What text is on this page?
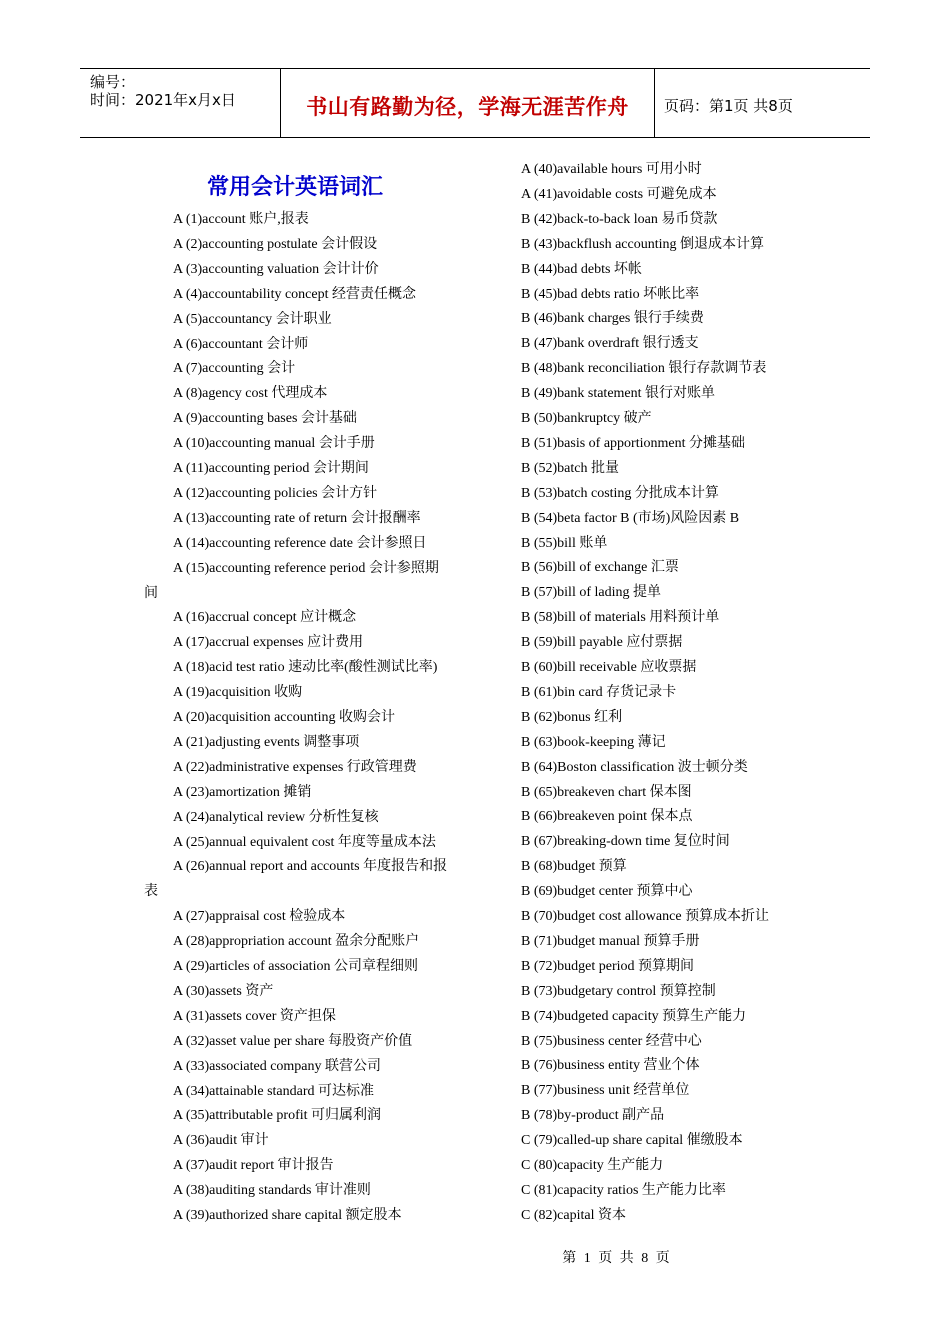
编号：
时间：2021年x月x日	书山有路勤为径，学海无涯苦作舟	页码：第1页 共8页
常用会计英语词汇
A (1)account 账户,报表
A (2)accounting postulate 会计假设
A (3)accounting valuation 会计计价
A (4)accountability concept 经营责任概念
A (5)accountancy 会计职业
A (6)accountant 会计师
A (7)accounting 会计
A (8)agency cost 代理成本
A (9)accounting bases 会计基础
A (10)accounting manual 会计手册
A (11)accounting period 会计期间
A (12)accounting policies 会计方针
A (13)accounting rate of return 会计报酬率
A (14)accounting reference date 会计参照日
A (15)accounting reference period 会计参照期
间
A (16)accrual concept 应计概念
A (17)accrual expenses 应计费用
A (18)acid test ratio 速动比率(酸性测试比率)
A (19)acquisition 收购
A (20)acquisition accounting 收购会计
A (21)adjusting events 调整事项
A (22)administrative expenses 行政管理费
A (23)amortization 摊销
A (24)analytical review 分析性复核
A (25)annual equivalent cost 年度等量成本法
A (26)annual report and accounts 年度报告和报
表
A (27)appraisal cost 检验成本
A (28)appropriation account 盈余分配账户
A (29)articles of association 公司章程细则
A (30)assets 资产
A (31)assets cover 资产担保
A (32)asset value per share 每股资产价值
A (33)associated company 联营公司
A (34)attainable standard 可达标准
A (35)attributable profit 可归属利润
A (36)audit 审计
A (37)audit report 审计报告
A (38)auditing standards 审计准则
A (39)authorized share capital 额定股本
A (40)available hours 可用小时
A (41)avoidable costs 可避免成本
B (42)back-to-back loan 易币贷款
B (43)backflush accounting 倒退成本计算
B (44)bad debts 坏帐
B (45)bad debts ratio 坏帐比率
B (46)bank charges 银行手续费
B (47)bank overdraft 银行透支
B (48)bank reconciliation 银行存款调节表
B (49)bank statement 银行对账单
B (50)bankruptcy 破产
B (51)basis of apportionment 分摊基础
B (52)batch 批量
B (53)batch costing 分批成本计算
B (54)beta factor B (市场)风险因素 B
B (55)bill 账单
B (56)bill of exchange 汇票
B (57)bill of lading 提单
B (58)bill of materials 用料预计单
B (59)bill payable 应付票据
B (60)bill receivable 应收票据
B (61)bin card 存货记录卡
B (62)bonus 红利
B (63)book-keeping 薄记
B (64)Boston classification 波士顿分类
B (65)breakeven chart 保本图
B (66)breakeven point 保本点
B (67)breaking-down time 复位时间
B (68)budget 预算
B (69)budget center 预算中心
B (70)budget cost allowance 预算成本折让
B (71)budget manual 预算手册
B (72)budget period 预算期间
B (73)budgetary control 预算控制
B (74)budgeted capacity 预算生产能力
B (75)business center 经营中心
B (76)business entity 营业个体
B (77)business unit 经营单位
B (78)by-product 副产品
C (79)called-up share capital 催缴股本
C (80)capacity 生产能力
C (81)capacity ratios 生产能力比率
C (82)capital 资本
第 1 页 共 8 页
